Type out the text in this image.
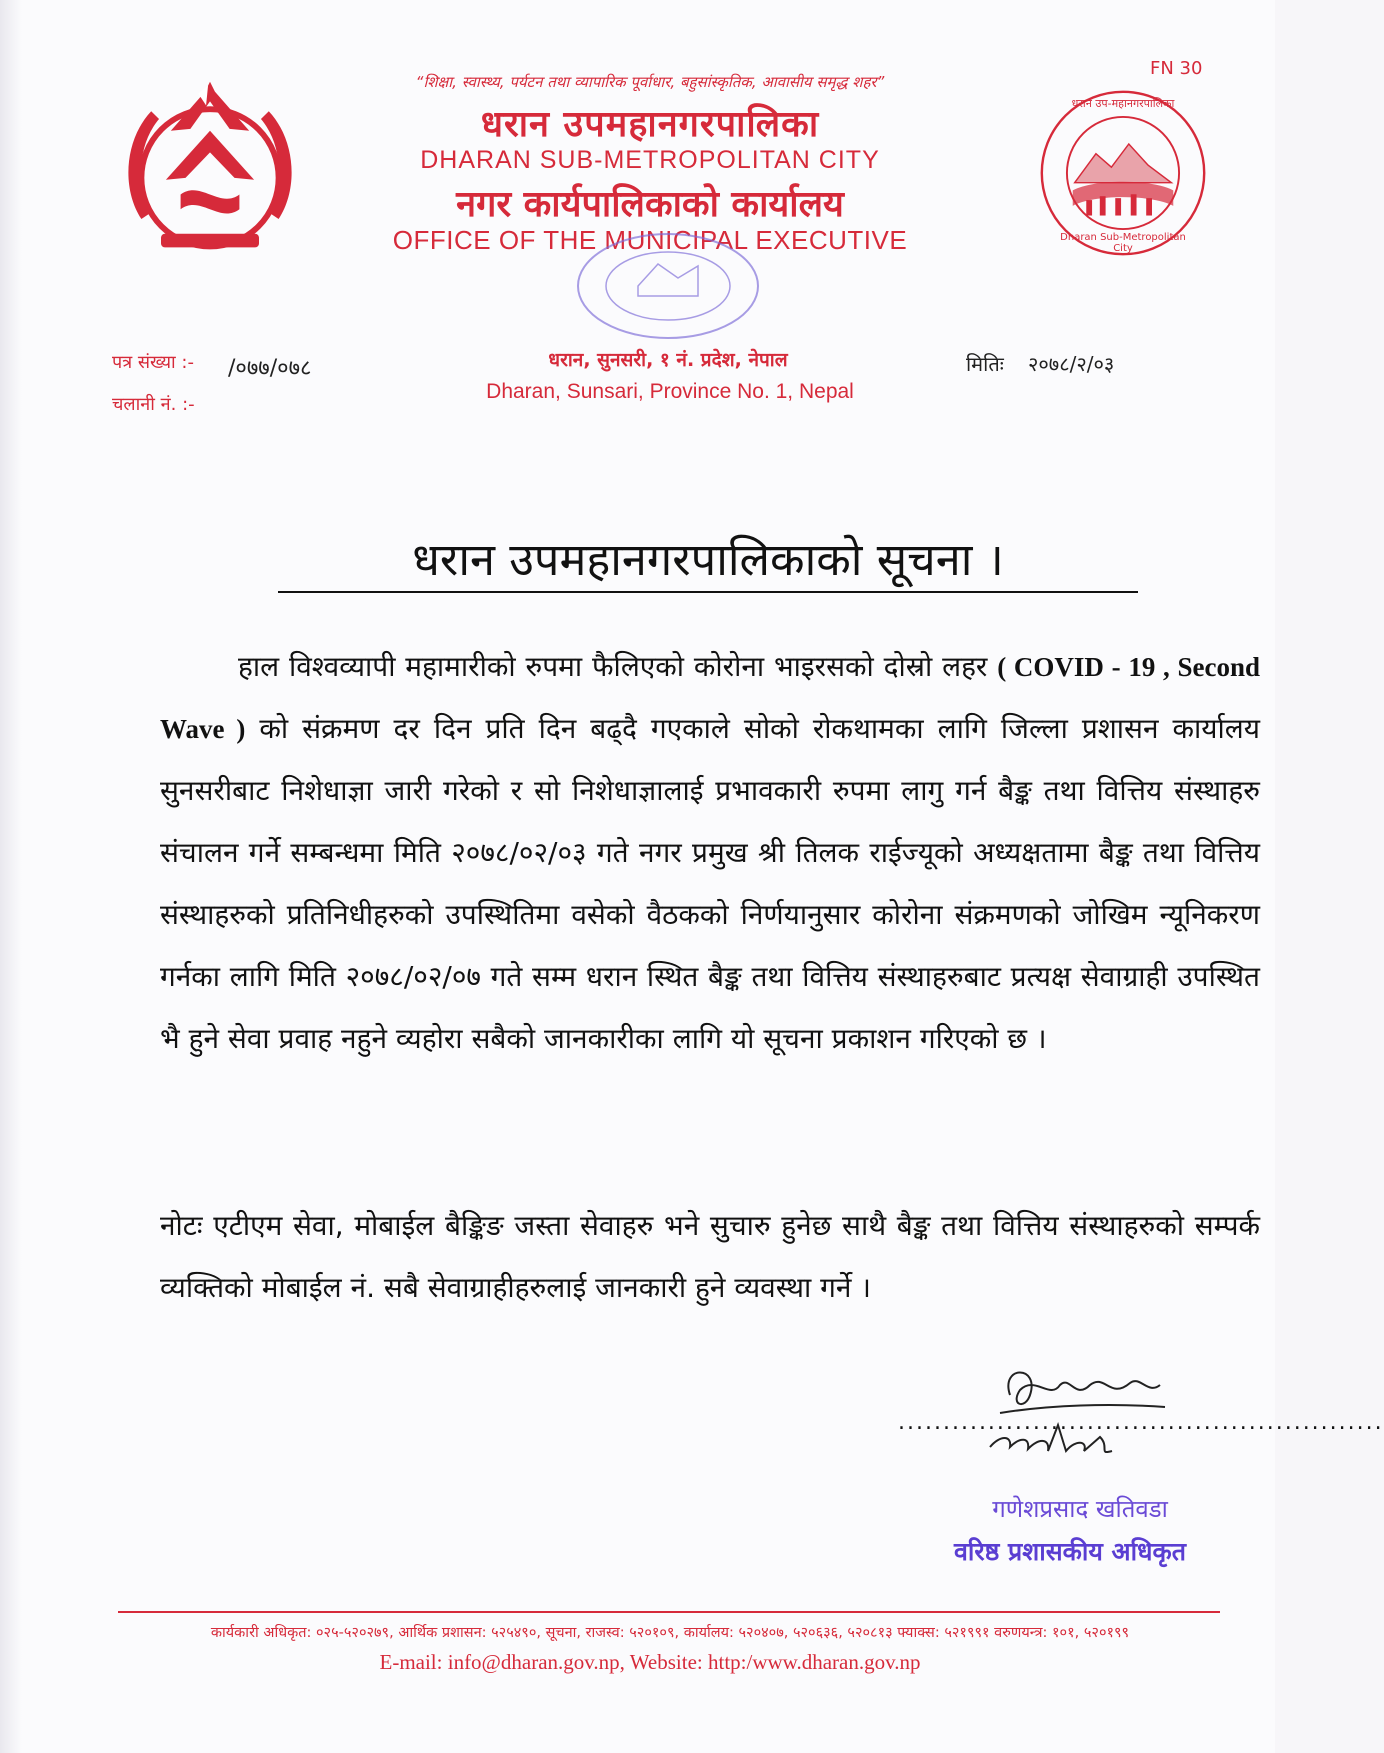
धरान उप-महानगरपालिका
Dharan Sub-Metropolitan City
FN 30
“शिक्षा, स्वास्थ्य, पर्यटन तथा व्यापारिक पूर्वाधार, बहुसांस्कृतिक, आवासीय समृद्ध शहर”
धरान उपमहानगरपालिका
DHARAN SUB-METROPOLITAN CITY
नगर कार्यपालिकाको कार्यालय
OFFICE OF THE MUNICIPAL EXECUTIVE
पत्र संख्या :- /०७७/०७८
चलानी नं. :-
धरान, सुनसरी, १ नं. प्रदेश, नेपाल
Dharan, Sunsari, Province No. 1, Nepal
मितिः २०७८/२/०३
धरान उपमहानगरपालिकाको सूचना ।
हाल विश्वव्यापी महामारीको रुपमा फैलिएको कोरोना भाइरसको दोस्रो लहर ( COVID - 19 , Second Wave ) को संक्रमण दर दिन प्रति दिन बढ्दै गएकाले सोको रोकथामका लागि जिल्ला प्रशासन कार्यालय सुनसरीबाट निशेधाज्ञा जारी गरेको र सो निशेधाज्ञालाई प्रभावकारी रुपमा लागु गर्न बैङ्क तथा वित्तिय संस्थाहरु संचालन गर्ने सम्बन्धमा मिति २०७८/०२/०३ गते नगर प्रमुख श्री तिलक राईज्यूको अध्यक्षतामा बैङ्क तथा वित्तिय संस्थाहरुको प्रतिनिधीहरुको उपस्थितिमा वसेको वैठकको निर्णयानुसार कोरोना संक्रमणको जोखिम न्यूनिकरण गर्नका लागि मिति २०७८/०२/०७ गते सम्म धरान स्थित बैङ्क तथा वित्तिय संस्थाहरुबाट प्रत्यक्ष सेवाग्राही उपस्थित भै हुने सेवा प्रवाह नहुने व्यहोरा सबैको जानकारीका लागि यो सूचना प्रकाशन गरिएको छ ।
नोटः एटीएम सेवा, मोबाईल बैङ्किङ जस्ता सेवाहरु भने सुचारु हुनेछ साथै बैङ्क तथा वित्तिय संस्थाहरुको सम्पर्क व्यक्तिको मोबाईल नं. सबै सेवाग्राहीहरुलाई जानकारी हुने व्यवस्था गर्ने ।
......................................................
गणेशप्रसाद खतिवडा
वरिष्ठ प्रशासकीय अधिकृत
कार्यकारी अधिकृत: ०२५-५२०२७९, आर्थिक प्रशासन: ५२५४९०, सूचना, राजस्व: ५२०१०९, कार्यालय: ५२०४०७, ५२०६३६, ५२०८१३ फ्याक्स: ५२१९९१ वरुणयन्त्र: १०१, ५२०१९९
E-mail: info@dharan.gov.np, Website: http:/www.dharan.gov.np
